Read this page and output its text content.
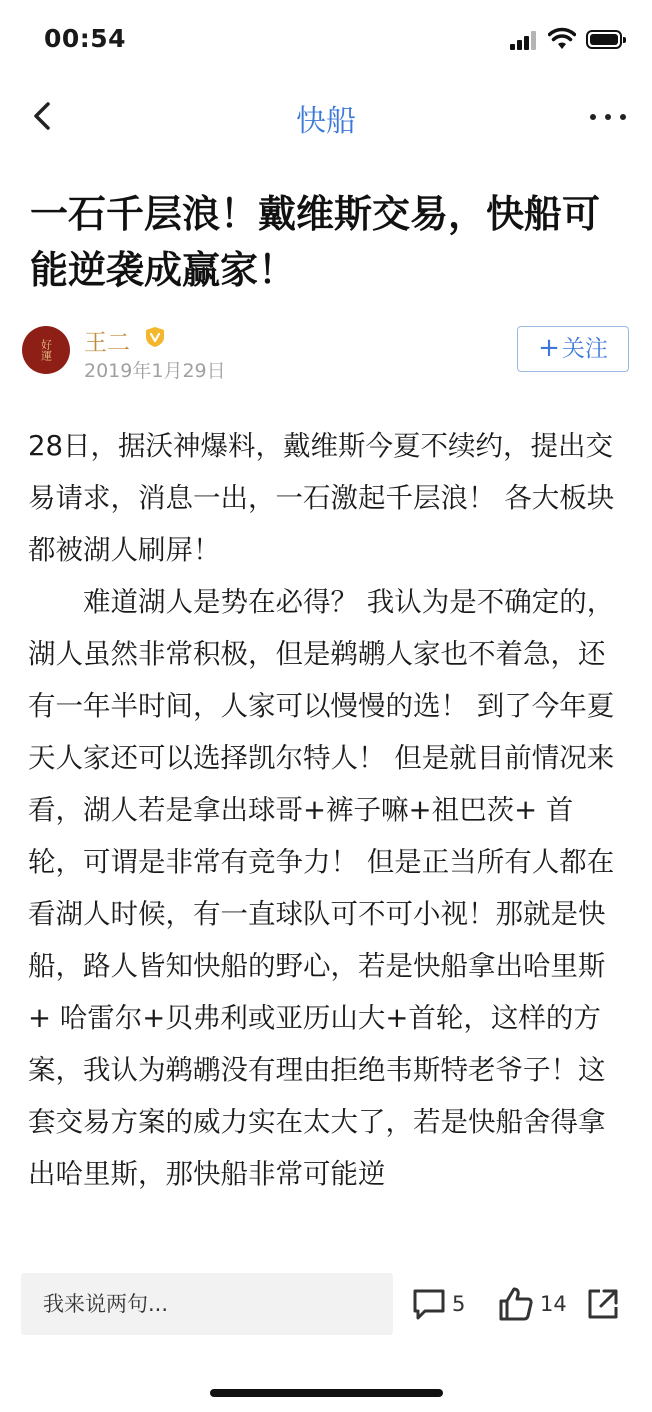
00:54
快船
一石千层浪！戴维斯交易，快船可能逆袭成赢家！
好運 王二
2019年1月29日
+关注

28日，据沃神爆料，戴维斯今夏不续约，提出交易请求，消息一出，一石激起千层浪！ 各大板块都被湖人刷屏！

　　难道湖人是势在必得？ 我认为是不确定的，湖人虽然非常积极，但是鹈鹕人家也不着急，还有一年半时间，人家可以慢慢的选！ 到了今年夏天人家还可以选择凯尔特人！ 但是就目前情况来看，湖人若是拿出球哥+裤子嘛+祖巴茨+ 首轮，可谓是非常有竞争力！ 但是正当所有人都在看湖人时候，有一直球队可不可小视！那就是快船，路人皆知快船的野心，若是快船拿出哈里斯+ 哈雷尔+贝弗利或亚历山大+首轮，这样的方案，我认为鹈鹕没有理由拒绝韦斯特老爷子！这套交易方案的威力实在太大了，若是快船舍得拿出哈里斯，那快船非常可能逆

我来说两句...	5	14
